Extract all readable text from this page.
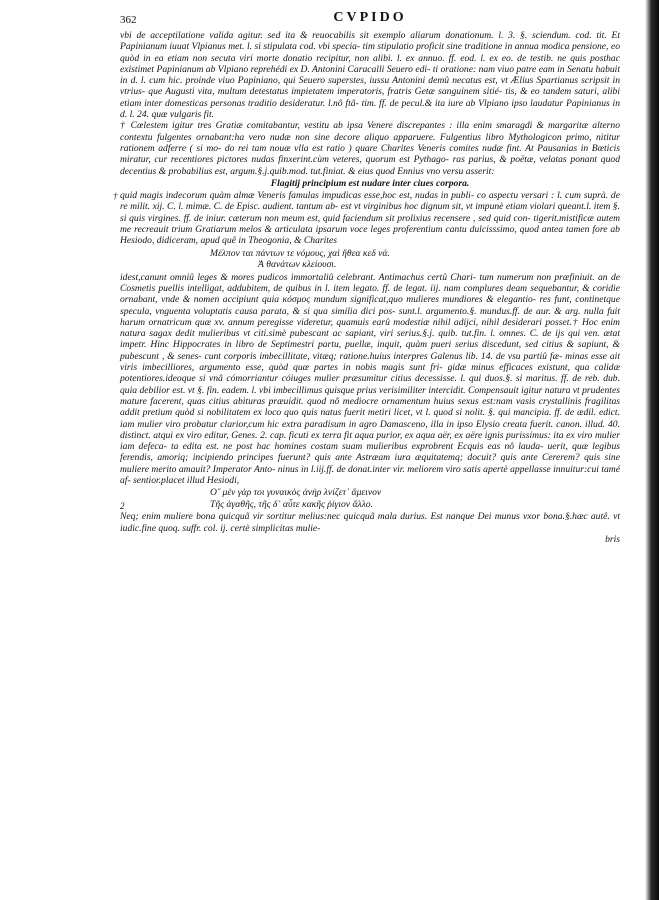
362	CVPIDO

vbi de acceptilatione valida agitur. sed ita & reuocabilis sit exemplo aliarum donationum. l. 3. §. sciendum. cod. tit. Et Papinianum iuuat Vlpianus met. l. si stipulata cod. vbi specia- tim stipulatio proficit sine traditione in annua modica pensione, eo quòd in ea etiam non secuta viri morte donatio recipitur, non alibi. l. ex annuo. ff. eod. l. ex eo. de testib. ne quis posthac existimet Papinianum ab Vlpiano reprehédi ex D. Antonini Caracalli Seuero edi- ti oratione: nam viuo patre eam in Senatu habuit in d. l. cum hic. proinde viuo Papiniano, qui Seuero superstes, iussu Antonini demû necatus est, vt Ælius Spartianus scripsit in vtrius- que Augusti vita, multum detestatus impietatem imperatoris, fratris Getæ sanguinem sitié- tis, & eo tandem saturi, alibi etiam inter domesticas personas traditio desideratur. l.nô ftâ- tim. ff. de pecul.& ita iure ab Vlpiano ipso laudatur Papinianus in d. l. 24. quæ vulgaris fit.

† Cœlestem igitur tres Gratiæ comitabantur, vestitu ab ipsa Venere discrepantes : illa enim smaragdi & margaritæ alterno contextu fulgentes ornabant:ha vero nudæ non sine decore aliquo apparuere. Fulgentius libro Mythologicon primo, nititur rationem adferre ( si mo- do rei tam nouæ vlla est ratio ) quare Charites Veneris comites nudæ fint. At Pausanias in Bœticis miratur, cur recentiores pictores nudas finxerint.cùm veteres, quorum est Pythago- ras parius, & poëtæ, velatas ponant quod decentius & probabilius est, argum.§.j.quib.mod. tut.finiat. & eius quod Ennius vno versu asserit:

Flagitij principium est nudare inter ciues corpora.

quid magis indecorum quàm almæ Veneris famulas impudicas esse,hoc est, nudas in publi- co aspectu versari : l. cum suprà. de re milit. xij. C. l. mimæ. C. de Episc. audient. tantum ab- est vt virginibus hoc dignum sit, vt impunè etiam violari queant.l. item §. si quis virgines. ff. de iniur. cæterum non meum est, quid faciendum sit prolixius recensere , sed quid con- tigerit.mistificæ autem me recreauit trium Gratiarum melos & articulata ipsarum voce leges proferentium cantu dulcisssimo, quod antea tamen fore ab Hesiodo, didiceram, apud quê in Theogonia, & Charites

Μέλπον ται πάντων τε νόμους, χαὶ ἤθεα κεδ νά.
Ἀ θανάτων κλείουσι.

idest,canunt omniû leges & mores pudicos immortaliû celebrant. Antimachus certû Chari- tum numerum non præfiniuit. an de Cosmetis puellis intelligat, addubitem, de quibus in l. item legato. ff. de legat. iij. nam complures deam sequebantur, & coridie ornabant, vnde & nomen accipiunt quia κόσμος mundum significat,quo mulieres mundiores & elegantio- res funt, continetque specula, vnguenta voluptatis causa parata, & si qua similia dici pos- sunt.l. argumento.§. mundus.ff. de aur. & arg. nulla fuit harum ornatricum quæ xv. annum peregisse videretur, quamuis earû modestiæ nihil adijci, nihil desiderari posset.† Hoc enim natura sagax dedit mulieribus vt citi.simè pubescant ac sapiant, viri serius.§.j. quib. tut.fin. l. omnes. C. de ijs qui ven. ætat impetr. Hinc Hippocrates in libro de Septimestri partu, puellæ, inquit, quàm pueri serius discedunt, sed citius & sapiunt, & pubescunt , & senes- cunt corporis imbecillitate, vitæq; ratione.huius interpres Galenus lib. 14. de vsu partiû fæ- minas esse ait viris imbecilliores, argumento esse, quòd quæ partes in nobis magis sunt fri- gidæ minus efficaces existunt, qua calidæ potentiores.ideoque si vnâ cómorriantur cóiuges mulier præsumitur citius decessisse. l. qui duos.§. si maritus. ff. de reb. dub. quia debilior est. vt §. fin. eadem. l. vbi imbecillimus quisque prius verisimiliter intercidit. Compensauit igitur natura vt prudentes mature facerent, quas citius abituras præuidit. quod nô mediocre ornamentum huius sexus est:nam vasis crystallinis fragilitas addit pretium quòd si nobilitatem ex loco quo quis natus fuerit metiri licet, vt l. quod si nolit. §. qui mancipia. ff. de ædil. edict. iam mulier viro probatur clarior,cum hic extra paradisum in agro Damasceno, illa in ipso Elysio creata fuerit. canon. illud. 40. distinct. atqui ex viro editur, Genes. 2. cap. ficuti ex terra fit aqua purior, ex aqua aër, ex aëre ignis purissimus: ita ex viro mulier iam defeca- ta edita est. ne post hac homines costam suam mulieribus exprobrent Ecquis eas nô lauda- uerit, quæ legibus ferendis, amoriq; incipiendo principes fuerunt? quis ante Astræam iura æquitatemq; docuit? quis ante Cererem? quis sine muliere merito amauit? Imperator Anto- ninus in l.iij.ff. de donat.inter vir. meliorem viro satis apertè appellasse innuitur:cui tamé af- sentior.placet illud Hesiodi,

Ο῎ μὲν γὰρ τοι γυναικὸς ἀνὴρ λνίζετ᾽ ἄμεινον
Τῆς ἀγαθῆς, τῆς δ᾽ αὖτε κακῆς ῥίγιον ἄλλο.

Neq; enim muliere bona quicquã vir sortitur melius:nec quicquã mala durius. Est nanque Dei munus vxor bona.§.hæc autê. vt iudic.fine quoq. suffr. col. ij. certè simplicitas mulie-

bris
†
2
